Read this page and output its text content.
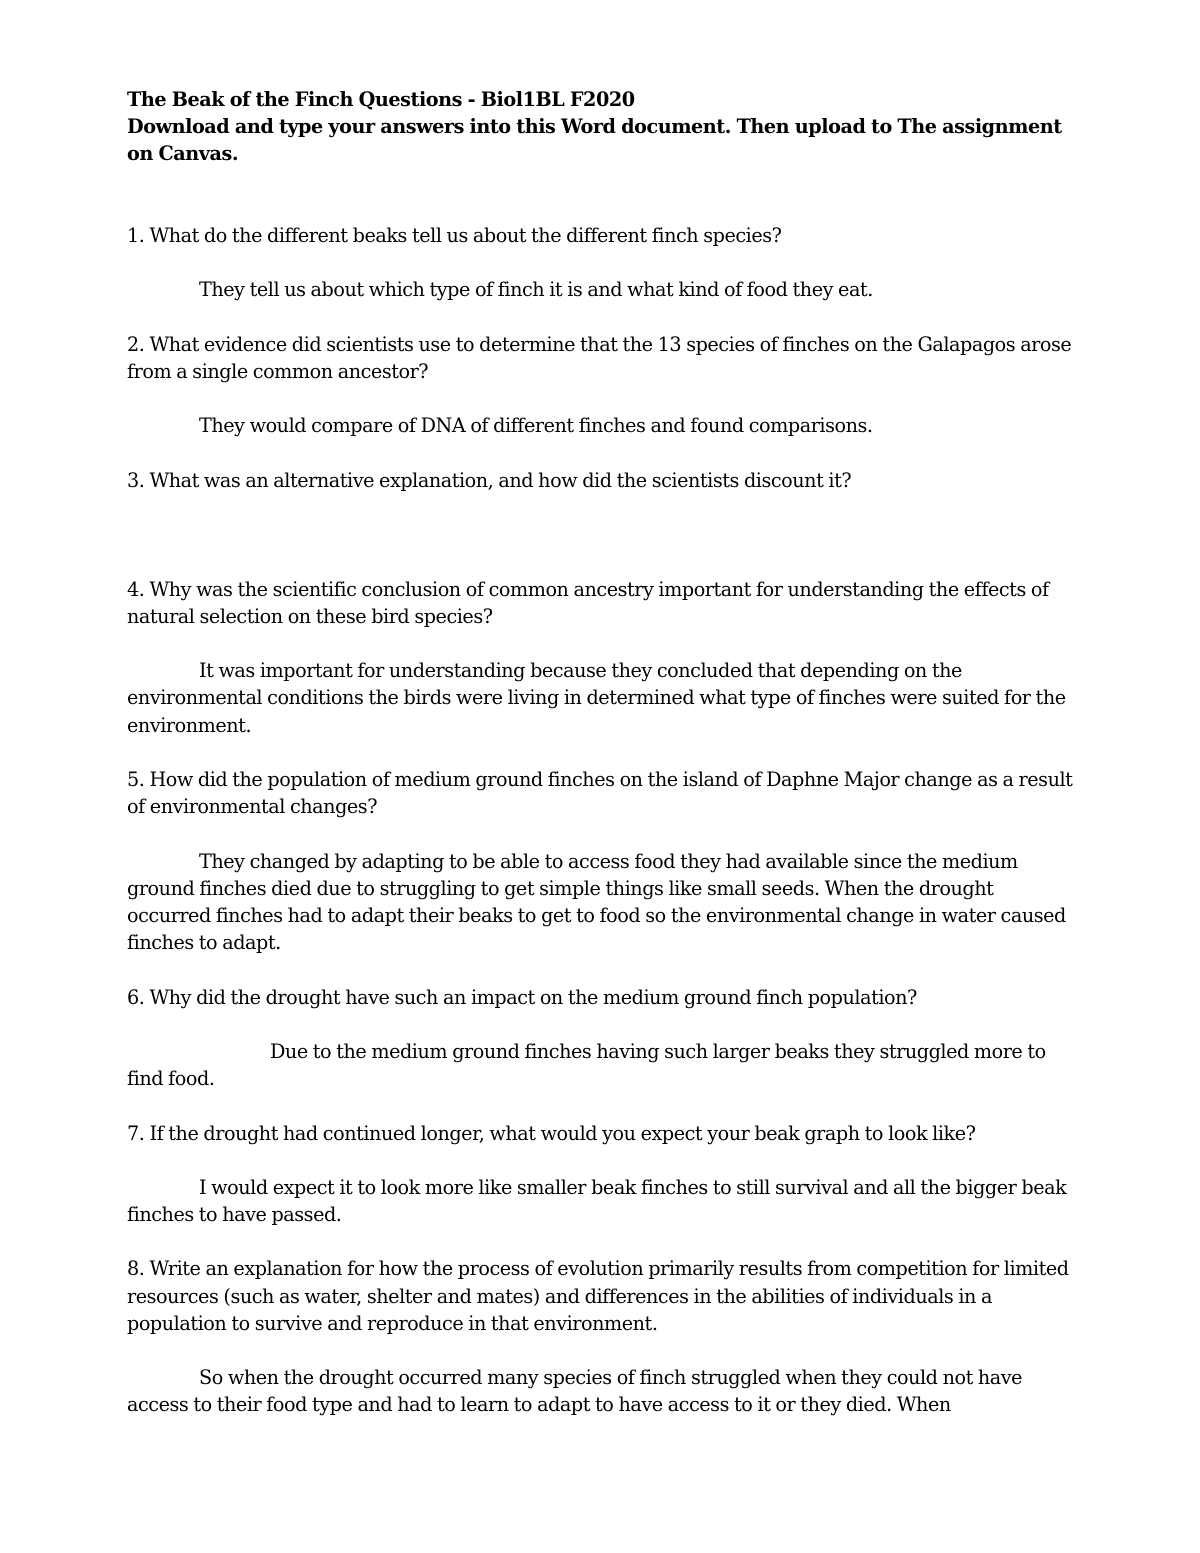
The Beak of the Finch Questions - Biol1BL F2020
Download and type your answers into this Word document. Then upload to The assignment on Canvas.
1. What do the different beaks tell us about the different finch species?
They tell us about which type of finch it is and what kind of food they eat.
2. What evidence did scientists use to determine that the 13 species of finches on the Galapagos arose from a single common ancestor?
They would compare of DNA of different finches and found comparisons.
3. What was an alternative explanation, and how did the scientists discount it?
4. Why was the scientific conclusion of common ancestry important for understanding the effects of natural selection on these bird species?
It was important for understanding because they concluded that depending on the environmental conditions the birds were living in determined what type of finches were suited for the environment.
5. How did the population of medium ground finches on the island of Daphne Major change as a result of environmental changes?
They changed by adapting to be able to access food they had available since the medium ground finches died due to struggling to get simple things like small seeds. When the drought occurred finches had to adapt their beaks to get to food so the environmental change in water caused finches to adapt.
6. Why did the drought have such an impact on the medium ground finch population?
Due to the medium ground finches having such larger beaks they struggled more to find food.
7. If the drought had continued longer, what would you expect your beak graph to look like?
I would expect it to look more like smaller beak finches to still survival and all the bigger beak finches to have passed.
8. Write an explanation for how the process of evolution primarily results from competition for limited resources (such as water, shelter and mates) and differences in the abilities of individuals in a population to survive and reproduce in that environment.
So when the drought occurred many species of finch struggled when they could not have access to their food type and had to learn to adapt to have access to it or they died. When
